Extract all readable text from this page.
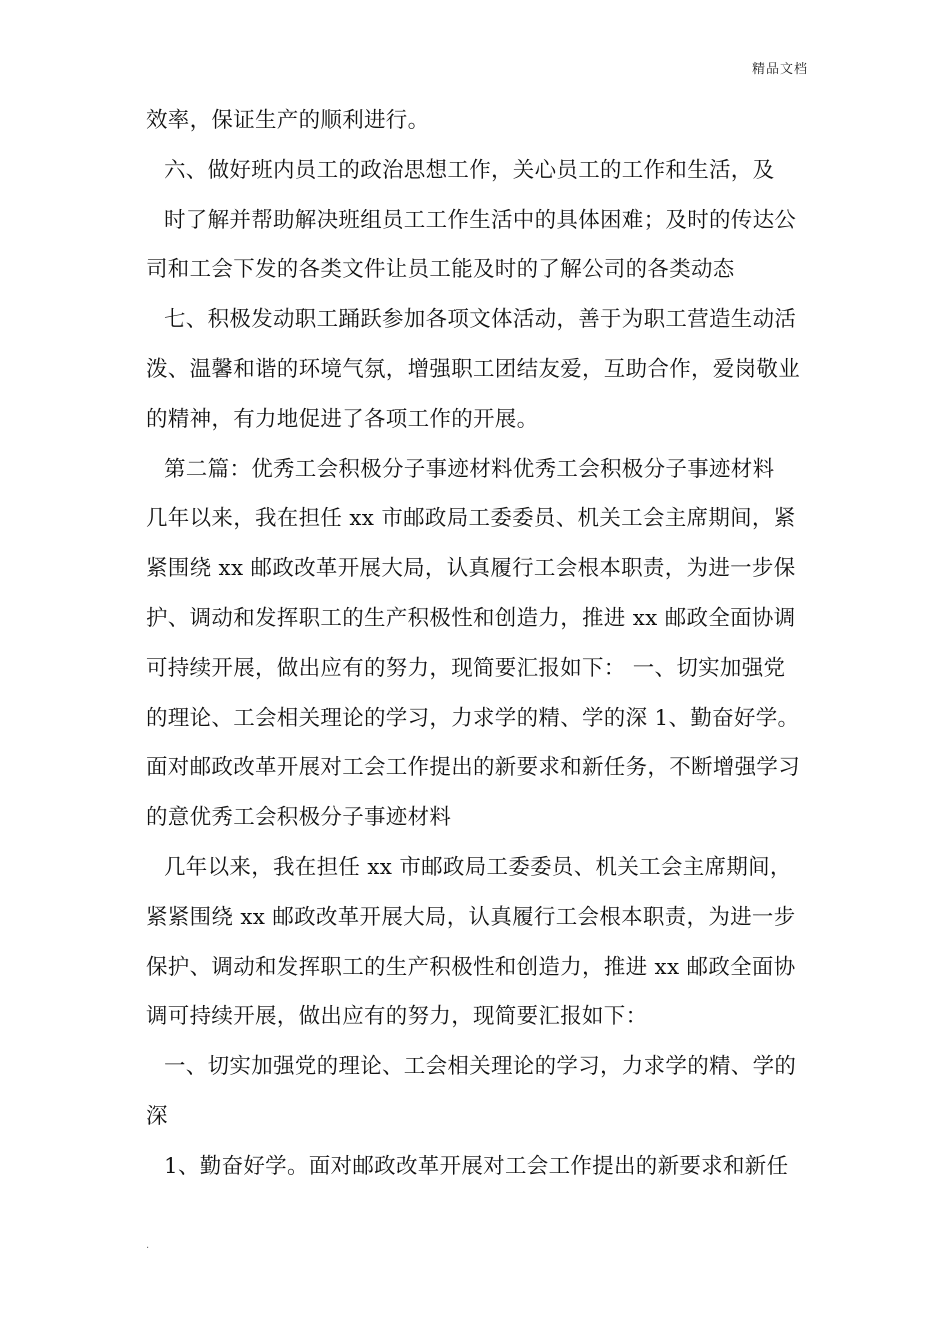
精品文档
效率，保证生产的顺利进行。
六、做好班内员工的政治思想工作，关心员工的工作和生活，及
时了解并帮助解决班组员工工作生活中的具体困难；及时的传达公
司和工会下发的各类文件让员工能及时的了解公司的各类动态
七、积极发动职工踊跃参加各项文体活动，善于为职工营造生动活
泼、温馨和谐的环境气氛，增强职工团结友爱，互助合作，爱岗敬业
的精神，有力地促进了各项工作的开展。
第二篇：优秀工会积极分子事迹材料优秀工会积极分子事迹材料
几年以来，我在担任 xx 市邮政局工委委员、机关工会主席期间，紧
紧围绕 xx 邮政改革开展大局，认真履行工会根本职责，为进一步保
护、调动和发挥职工的生产积极性和创造力，推进 xx 邮政全面协调
可持续开展，做出应有的努力，现简要汇报如下： 一、切实加强党
的理论、工会相关理论的学习，力求学的精、学的深 1、勤奋好学。
面对邮政改革开展对工会工作提出的新要求和新任务，不断增强学习
的意优秀工会积极分子事迹材料
几年以来，我在担任 xx 市邮政局工委委员、机关工会主席期间，
紧紧围绕 xx 邮政改革开展大局，认真履行工会根本职责，为进一步
保护、调动和发挥职工的生产积极性和创造力，推进 xx 邮政全面协
调可持续开展，做出应有的努力，现简要汇报如下：
一、切实加强党的理论、工会相关理论的学习，力求学的精、学的
深
1、勤奋好学。面对邮政改革开展对工会工作提出的新要求和新任
.
